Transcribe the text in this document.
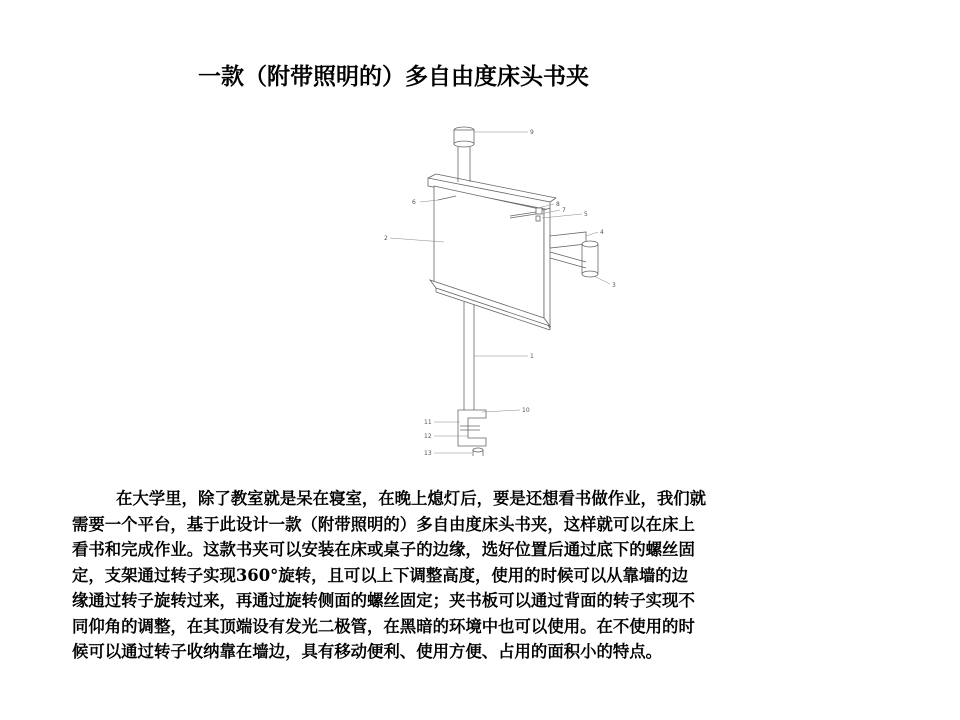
一款（附带照明的）多自由度床头书夹
9
6
2
8
7
5
4
3
1
10
11
12
13
在大学里，除了教室就是呆在寝室，在晚上熄灯后，要是还想看书做作业，我们就
需要一个平台，基于此设计一款（附带照明的）多自由度床头书夹，这样就可以在床上
看书和完成作业。这款书夹可以安装在床或桌子的边缘，选好位置后通过底下的螺丝固
定，支架通过转子实现360°旋转，且可以上下调整高度，使用的时候可以从靠墙的边
缘通过转子旋转过来，再通过旋转侧面的螺丝固定；夹书板可以通过背面的转子实现不
同仰角的调整，在其顶端设有发光二极管，在黑暗的环境中也可以使用。在不使用的时
候可以通过转子收纳靠在墙边，具有移动便利、使用方便、占用的面积小的特点。
